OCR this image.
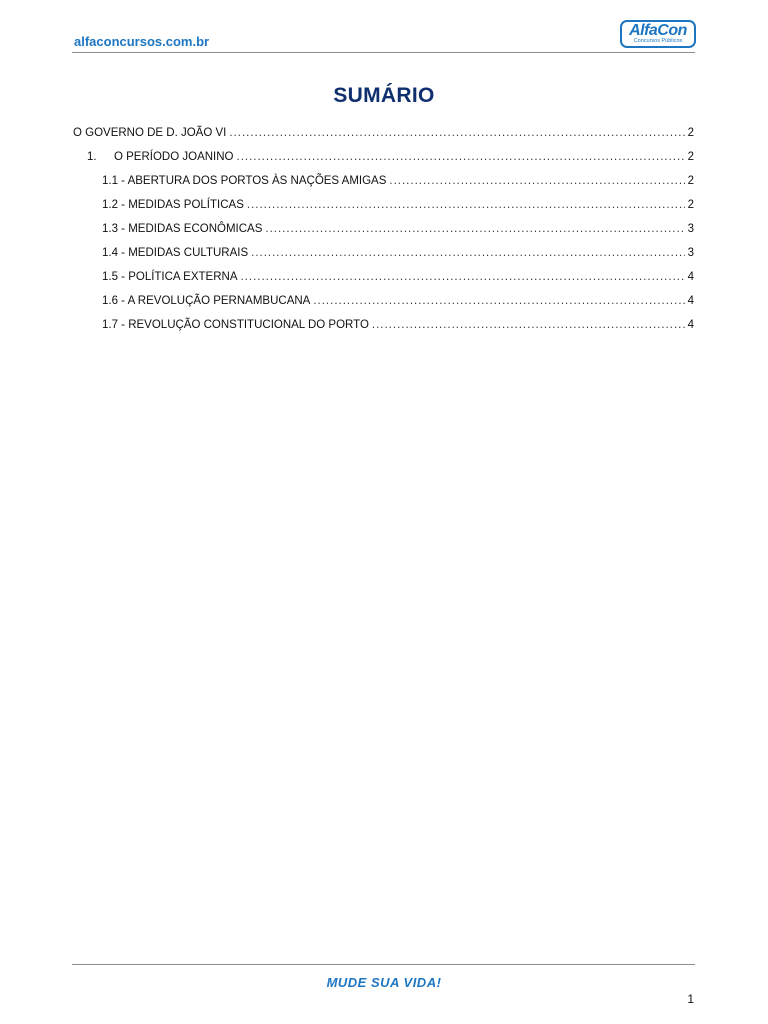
alfaconcursos.com.br
AlfaCon
Concursos Públicos
SUMÁRIO
O GOVERNO DE D. JOÃO VI .....	2
1. O PERÍODO JOANINO .....	2
1.1 - ABERTURA DOS PORTOS ÀS NAÇÕES AMIGAS .....	2
1.2 - MEDIDAS POLÍTICAS .....	2
1.3 - MEDIDAS ECONÔMICAS .....	3
1.4 - MEDIDAS CULTURAIS .....	3
1.5 - POLÍTICA EXTERNA .....	4
1.6 - A REVOLUÇÃO PERNAMBUCANA .....	4
1.7 - REVOLUÇÃO CONSTITUCIONAL DO PORTO .....	4
MUDE SUA VIDA!
1
